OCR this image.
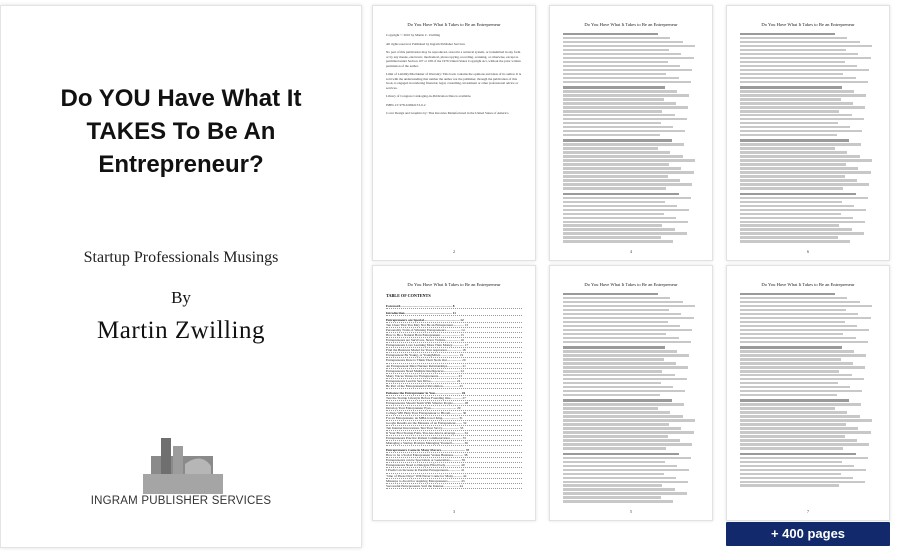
Do YOU Have What It
TAKES To Be An
Entrepreneur?
Startup Professionals Musings
By
Martin Zwilling
INGRAM PUBLISHER SERVICES
Do You Have What It Takes to Be an Entrepreneur

Copyright © 2010 by Martin C. Zwilling

All rights reserved. Published by Ingram Publisher Services

No part of this publication may be reproduced, stored in a retrieval system, or transmitted in any form or by any means, electronic, mechanical, photocopying, recording, scanning, or otherwise, except as permitted under Section 107 or 108 of the 1976 United States Copyright Act, without the prior written permission of the author.

Limit of Liability/Disclaimer of Warranty: This book contains the opinions and ideas of its author. It is sold with the understanding that neither the author nor the publisher, through the publication of this book, is engaged in rendering financial, legal, consulting, investment or other professional advice or services.

Library of Congress Cataloging-in-Publication Data is available.

ISBN-13: 978-0-9842153-0-2

Cover Design and Graphics by: Tina Knowles Manufactured in the United States of America

2
Do You Have What It Takes to Be an Entrepreneur
4
Do You Have What It Takes to Be an Entrepreneur
6
Do You Have What It Takes to Be an Entrepreneur
TABLE OF CONTENTS
Foreword............................................................. 8
Introduction........................................................ 11
Entrepreneurs are Special.......................................... 12
Ten Clues That You May Not Be an Entrepreneur............. 13
Personality Traits of Winning Entrepreneurs................. 14
How to Be a Natural Born Entrepreneur....................... 15
Entrepreneurs are Survivors, Never Victims................. 16
Entrepreneurs Love Learning More Than Money.............. 17
Find the Business Model for Your Aspiration................. 18
Entrepreneur Be Young, or YoungMind....................... 19
Entrepreneurs Dare to Think Their Neck Out................. 20
An Entrepreneur Must Nurture Relationships................. 21
Entrepreneurs Need Multiple Intelligences................... 22
Many Voices Versus for Entrepreneurs....................... 23
Entrepreneurs Lead in Sex Drive.............................. 24
Be Part of the Entrepreneurial Revolution................... 25
Enhance the Entrepreneur in You............................... 26
Test the Startup Lifestyle Before Founding One............. 27
Entrepreneurs Should Team With Smarter People............. 28
Develop Your Entrepreneur Eyes.............................. 29
College Will Help Your Entrepreneur to Bloom.............. 30
For an Entrepreneur, an MBA is not King................... 31
Google Results are the Measure of an Entrepreneur........ 32
Ten Internet Innovations Test Your Savvy.................... 33
If Your First Startup Fails, You Are Above Average.......... 34
Entrepreneurs Practice Robust Communication.............. 35
Managing a Startup Prompts Managing Yourself.............. 36
Entrepreneurs Come in Many Flavors............................ 37
How to be a Social Entrepreneur Versus Business............ 38
Entrepreneurs can be Specialists or Generalists............. 39
Entrepreneurs Need to Delegate Effectively.................. 40
I Predict an Increase in Parallel Entrepreneurs.............. 41
"One of These Days" Will Never Come for Many........... 42
Missteps to Avoid for Aspiring Entrepreneurs............... 43
Successful Entrepreneurs Surf the Internet.................. 44
3
Do You Have What It Takes to Be an Entrepreneur
5
Do You Have What It Takes to Be an Entrepreneur
7
+ 400 pages
